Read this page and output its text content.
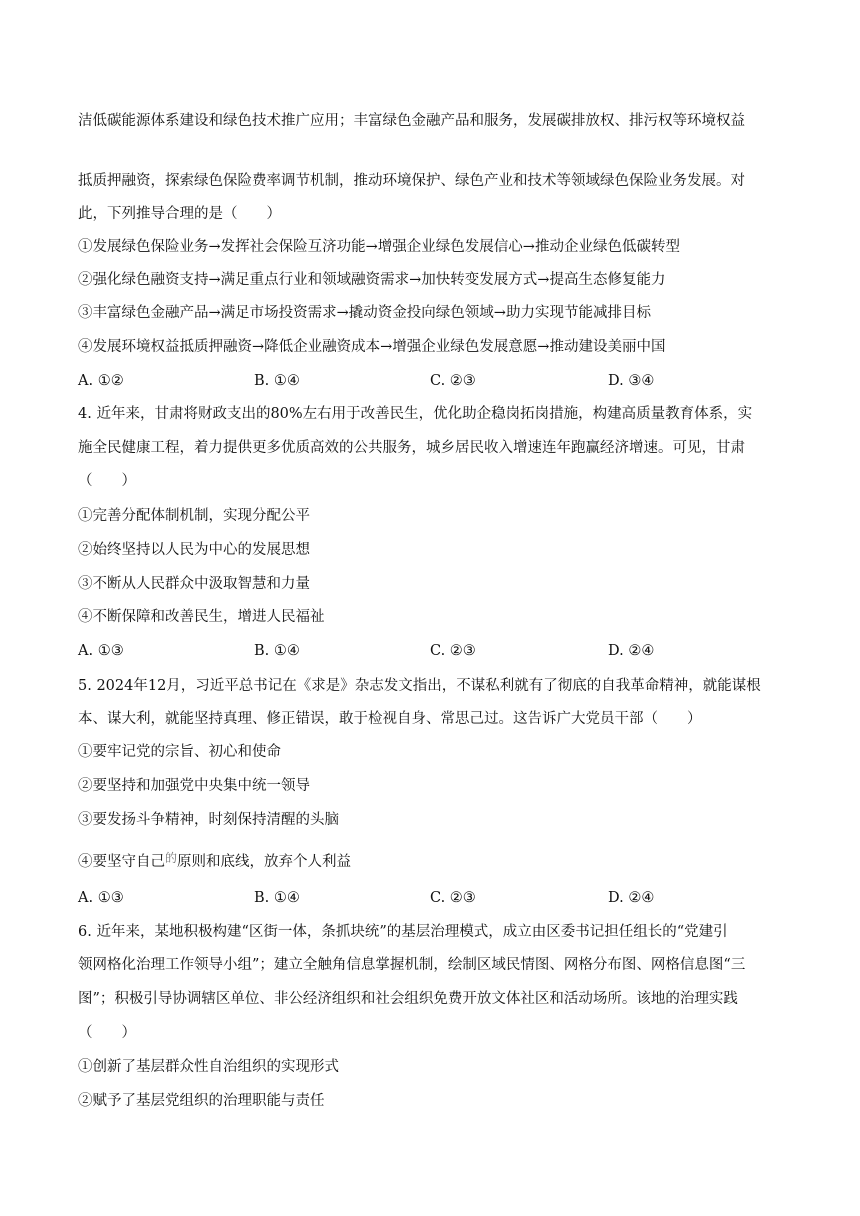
洁低碳能源体系建设和绿色技术推广应用；丰富绿色金融产品和服务，发展碳排放权、排污权等环境权益
抵质押融资，探索绿色保险费率调节机制，推动环境保护、绿色产业和技术等领域绿色保险业务发展。对
此，下列推导合理的是（　　）
①发展绿色保险业务→发挥社会保险互济功能→增强企业绿色发展信心→推动企业绿色低碳转型
②强化绿色融资支持→满足重点行业和领域融资需求→加快转变发展方式→提高生态修复能力
③丰富绿色金融产品→满足市场投资需求→撬动资金投向绿色领域→助力实现节能减排目标
④发展环境权益抵质押融资→降低企业融资成本→增强企业绿色发展意愿→推动建设美丽中国
A. ①②	B. ①④	C. ②③	D. ③④
4. 近年来，甘肃将财政支出的80%左右用于改善民生，优化助企稳岗拓岗措施，构建高质量教育体系，实
施全民健康工程，着力提供更多优质高效的公共服务，城乡居民收入增速连年跑赢经济增速。可见，甘肃
（　　）
①完善分配体制机制，实现分配公平
②始终坚持以人民为中心的发展思想
③不断从人民群众中汲取智慧和力量
④不断保障和改善民生，增进人民福祉
A. ①③	B. ①④	C. ②③	D. ②④
5. 2024年12月，习近平总书记在《求是》杂志发文指出，不谋私利就有了彻底的自我革命精神，就能谋根
本、谋大利，就能坚持真理、修正错误，敢于检视自身、常思己过。这告诉广大党员干部（　　）
①要牢记党的宗旨、初心和使命
②要坚持和加强党中央集中统一领导
③要发扬斗争精神，时刻保持清醒的头脑
④要坚守自己$^的$原则和底线，放弃个人利益
A. ①③	B. ①④	C. ②③	D. ②④
6. 近年来，某地积极构建“区街一体，条抓块统”的基层治理模式，成立由区委书记担任组长的“党建引
领网格化治理工作领导小组”；建立全触角信息掌握机制，绘制区域民情图、网格分布图、网格信息图“三
图”；积极引导协调辖区单位、非公经济组织和社会组织免费开放文体社区和活动场所。该地的治理实践
（　　）
①创新了基层群众性自治组织的实现形式
②赋予了基层党组织的治理职能与责任
